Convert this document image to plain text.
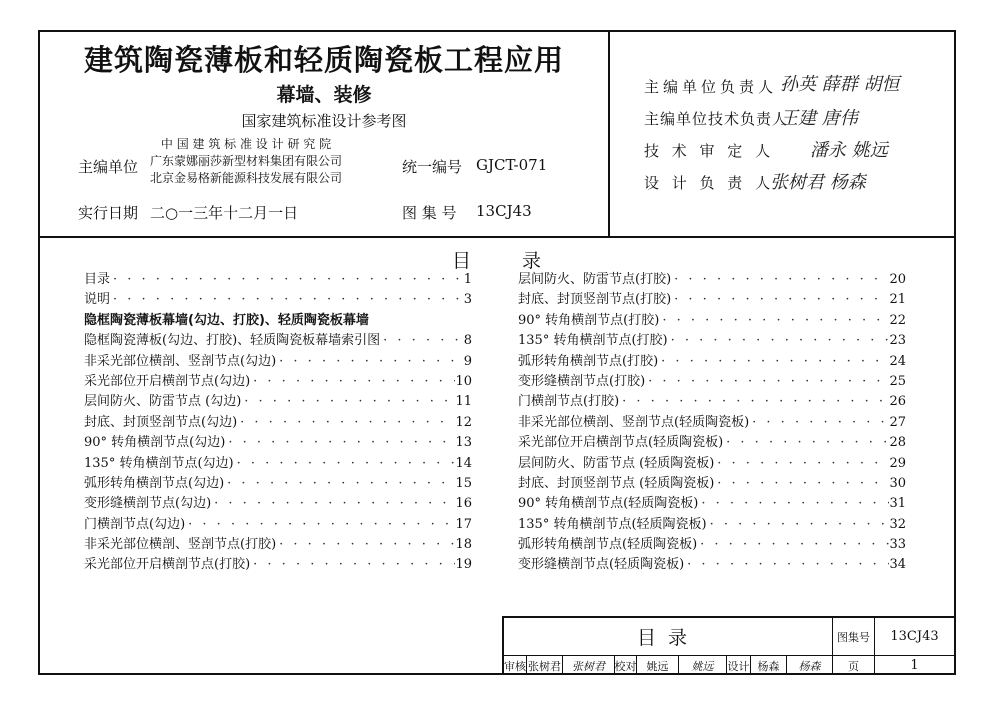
建筑陶瓷薄板和轻质陶瓷板工程应用
幕墙、装修
国家建筑标准设计参考图
主编单位
中 国 建 筑 标 准 设 计 研 究 院
广东蒙娜丽莎新型材料集团有限公司
北京金易格新能源科技发展有限公司
统一编号 GJCT-071
实行日期 二○一三年十二月一日	图 集 号 13CJ43
主编单位负责人 孙英 薛群 胡恒
主编单位技术负责人
王建 唐伟
技 术 审 定 人 潘永 姚远
设 计 负 责 人
张树君 杨森
目	录
目录 · · ·	1
说明 · · ·	3
隐框陶瓷薄板幕墙(勾边、打胶)、轻质陶瓷板幕墙
隐框陶瓷薄板(勾边、打胶)、轻质陶瓷板幕墙索引图 · · ·	8
非采光部位横剖、竖剖节点(勾边) · · ·	9
采光部位开启横剖节点(勾边) · · ·	10
层间防火、防雷节点 (勾边) · · ·	11
封底、封顶竖剖节点(勾边) · · ·	12
90° 转角横剖节点(勾边) · · ·	13
135° 转角横剖节点(勾边) · · ·	14
弧形转角横剖节点(勾边) · · ·	15
变形缝横剖节点(勾边) · · ·	16
门横剖节点(勾边) · · ·	17
非采光部位横剖、竖剖节点(打胶) · · ·	18
采光部位开启横剖节点(打胶) · · ·	19
层间防火、防雷节点(打胶) · · ·	20
封底、封顶竖剖节点(打胶) · · ·	21
90° 转角横剖节点(打胶) · · ·	22
135° 转角横剖节点(打胶) · · ·	23
弧形转角横剖节点(打胶) · · ·	24
变形缝横剖节点(打胶) · · ·	25
门横剖节点(打胶) · · ·	26
非采光部位横剖、竖剖节点(轻质陶瓷板) · · ·	27
采光部位开启横剖节点(轻质陶瓷板) · · ·	28
层间防火、防雷节点 (轻质陶瓷板) · · ·	29
封底、封顶竖剖节点 (轻质陶瓷板) · · ·	30
90° 转角横剖节点(轻质陶瓷板) · · ·	31
135° 转角横剖节点(轻质陶瓷板) · · ·	32
弧形转角横剖节点(轻质陶瓷板) · · ·	33
变形缝横剖节点(轻质陶瓷板) · · ·	34
目录	图集号	13CJ43
审核 张树君	张树君 校对 姚远	姚远	设计 杨森	杨森	页	1
